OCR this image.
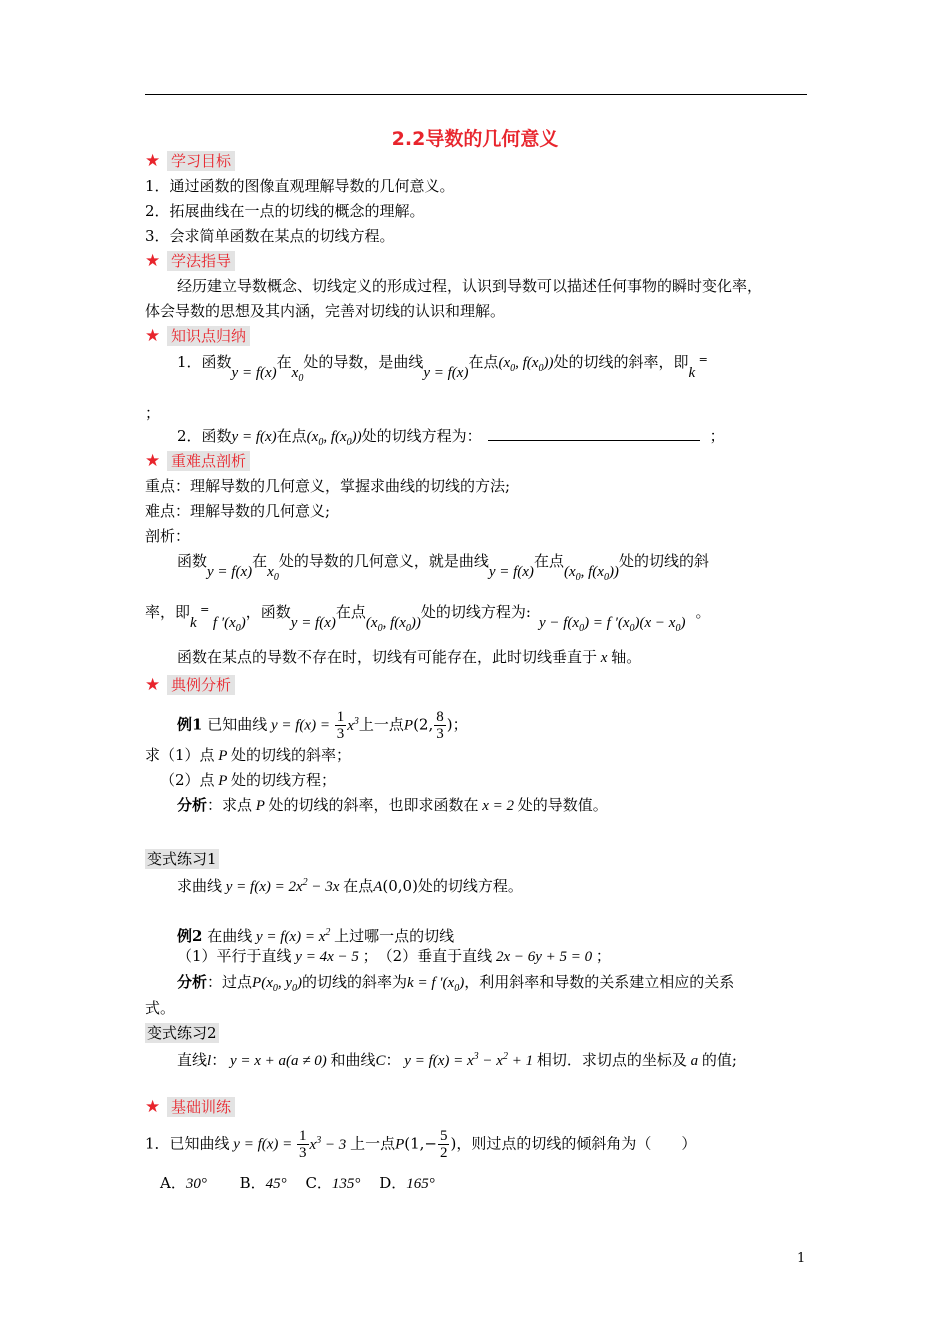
2.2导数的几何意义
★ 学习目标
1．通过函数的图像直观理解导数的几何意义。
2．拓展曲线在一点的切线的概念的理解。
3．会求简单函数在某点的切线方程。
★ 学法指导
经历建立导数概念、切线定义的形成过程，认识到导数可以描述任何事物的瞬时变化率，
体会导数的思想及其内涵，完善对切线的认识和理解。
★ 知识点归纳
1．函数y = f(x)在$x_0$处的导数，是曲线y = f(x)在点($x_0$, $f(x_0)$)处的切线的斜率，即k =
；
2．函数y = f(x)在点($x_0$, $f(x_0)$)处的切线方程为：	；
★ 重难点剖析
重点：理解导数的几何意义，掌握求曲线的切线的方法;
难点：理解导数的几何意义;
剖析：
函数y = f(x)在$x_0$处的导数的几何意义，就是曲线y = f(x)在点($x_0$, $f(x_0)$)处的切线的斜
率，即k = f $'(x_0)$，函数y = f(x)在点($x_0$, $f(x_0)$)处的切线方程为:y − $f(x_0) = f$ $'(x_0)(x - x_0)$。
函数在某点的导数不存在时，切线有可能存在，此时切线垂直于 x 轴。
★ 典例分析
例1 已知曲线 $y = f(x) = \frac{1}{3} x^3$上一点P(2, $\frac{8}{3}$ )；
求（1）点 P 处的切线的斜率；
（2）点 P 处的切线方程；
分析：求点 P 处的切线的斜率，也即求函数在 x = 2 处的导数值。
变式练习1
求曲线 $y = f(x) = 2x^2 - 3x$ 在点A(0,0)处的切线方程。
例2 在曲线 $y = f(x) = x^2$ 上过哪一点的切线
（1）平行于直线 y = 4x − 5 ；　 （2）垂直于直线 2x − 6y + 5 = 0 ；
分析：过点$P(x_0$, $y_0$)的切线的斜率为k = f $'(x_0)$，利用斜率和导数的关系建立相应的关系
式。
变式练习2
直线l： y = x + a(a ≠ 0) 和曲线C： $y = f(x) = x^3 - x^2 + 1$ 相切．求切点的坐标及 a 的值;
★ 基础训练
1．已知曲线 $y = f(x) = \frac{1}{3} x^3 - 3$ 上一点$P(1,- \frac{5}{2}$ )，则过点的切线的倾斜角为（　　）
A．30° B．45° C．135° D．165°
1
